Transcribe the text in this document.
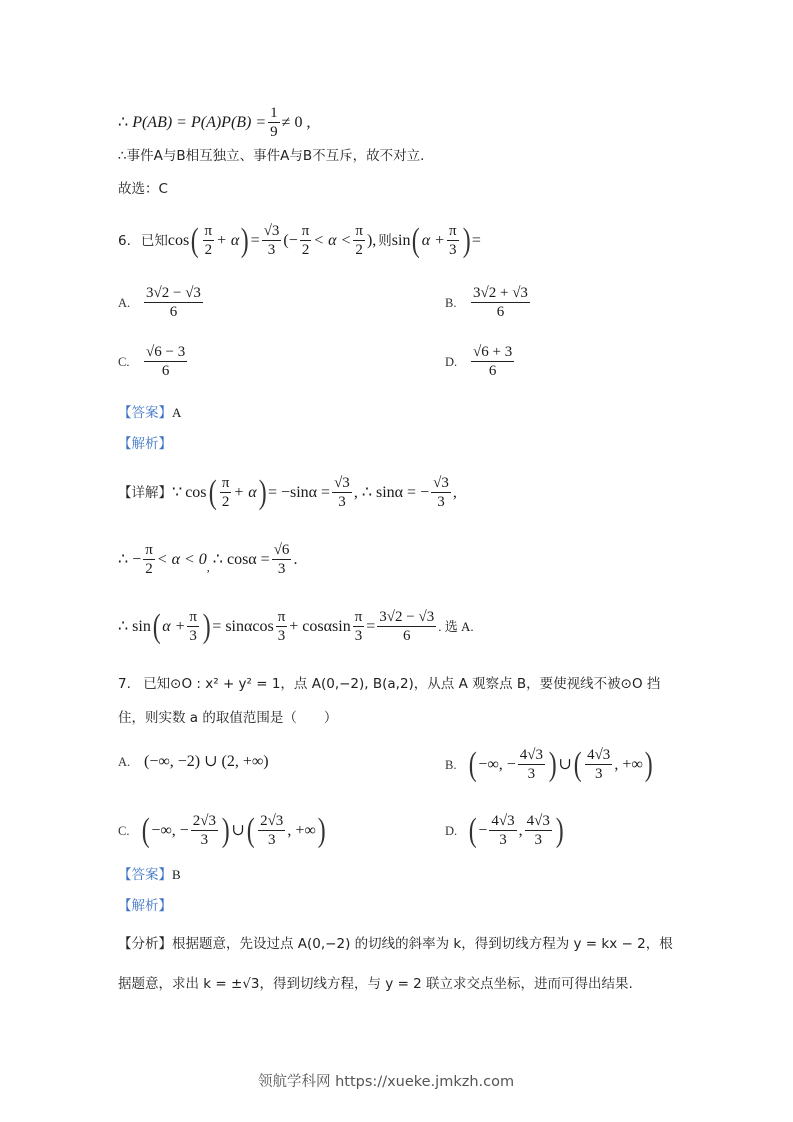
∴ $P(AB) = P(A)P(B) = \frac{1}{9} \ne 0$ ,
∴事件A与B相互独立、事件A与B不互斥，故不对立.
故选：C
6. 已知 cos ( $\frac{\pi}{2} + \alpha$ ) = $\frac{√3}{3}$ (− $\frac{\pi}{2} < \alpha < \frac{\pi}{2}$ ), 则 sin ( $\alpha + \frac{\pi}{3}$ ) =
A. $\frac{3√2 - √3}{6}$	B. $\frac{3√2 + √3}{6}$
C. $\frac{√6 - 3}{6}$	D. $\frac{√6 + 3}{6}$
【答案】A
【解析】
【详解】 ∵ cos ( $\frac{\pi}{2} + \alpha$ ) = $-\sin\alpha = \frac{√3}{3}$ , ∴ sinα = − $\frac{√3}{3}$ ,
∴ − $\frac{\pi}{2} < \alpha < 0$ , ∴ $\cos\alpha = \frac{√6}{3}$ .
∴ sin ( $\alpha + \frac{\pi}{3}$ ) = sinαcos $\frac{\pi}{3} + \cos\alpha\sin \frac{\pi}{3} = \frac{3√2 - √3}{6}$ . 选 A.
7. 已知⊙O : x² + y² = 1，点 A(0,−2), B(a,2)，从点 A 观察点 B，要使视线不被⊙O 挡
住，则实数 a 的取值范围是（　　）
A. (−∞, −2) ∪ (2, +∞)	B. ( −∞, − $\frac{4√3}{3}$ ) ∪ ( $\frac{4√3}{3}$ , +∞ )
C. ( −∞, − $\frac{2√3}{3}$ ) ∪ ( $\frac{2√3}{3}$ , +∞ )	D. ( − $\frac{4√3}{3}$ , $\frac{4√3}{3}$ )
【答案】B
【解析】
【分析】根据题意，先设过点 A(0,−2) 的切线的斜率为 k，得到切线方程为 y = kx − 2，根
据题意，求出 k = ±√3，得到切线方程，与 y = 2 联立求交点坐标，进而可得出结果.
领航学科网 https://xueke.jmkzh.com
